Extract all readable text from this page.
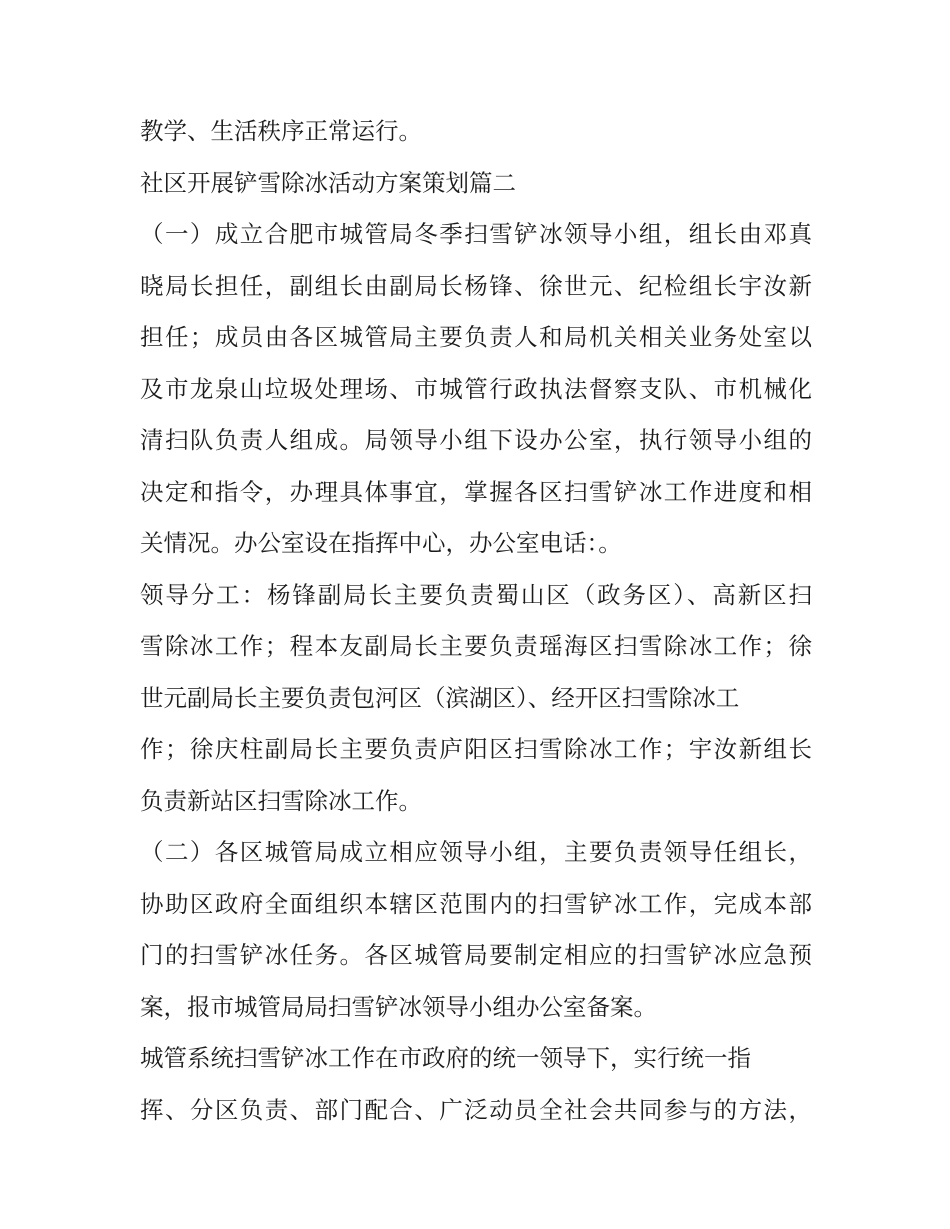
教学、生活秩序正常运行。
社区开展铲雪除冰活动方案策划篇二
（一）成立合肥市城管局冬季扫雪铲冰领导小组，组长由邓真
晓局长担任，副组长由副局长杨锋、徐世元、纪检组长宇汝新
担任；成员由各区城管局主要负责人和局机关相关业务处室以
及市龙泉山垃圾处理场、市城管行政执法督察支队、市机械化
清扫队负责人组成。局领导小组下设办公室，执行领导小组的
决定和指令，办理具体事宜，掌握各区扫雪铲冰工作进度和相
关情况。办公室设在指挥中心，办公室电话：。
领导分工：杨锋副局长主要负责蜀山区（政务区）、高新区扫
雪除冰工作；程本友副局长主要负责瑶海区扫雪除冰工作；徐
世元副局长主要负责包河区（滨湖区）、经开区扫雪除冰工
作；徐庆柱副局长主要负责庐阳区扫雪除冰工作；宇汝新组长
负责新站区扫雪除冰工作。
（二）各区城管局成立相应领导小组，主要负责领导任组长，
协助区政府全面组织本辖区范围内的扫雪铲冰工作，完成本部
门的扫雪铲冰任务。各区城管局要制定相应的扫雪铲冰应急预
案，报市城管局局扫雪铲冰领导小组办公室备案。
城管系统扫雪铲冰工作在市政府的统一领导下，实行统一指
挥、分区负责、部门配合、广泛动员全社会共同参与的方法，
